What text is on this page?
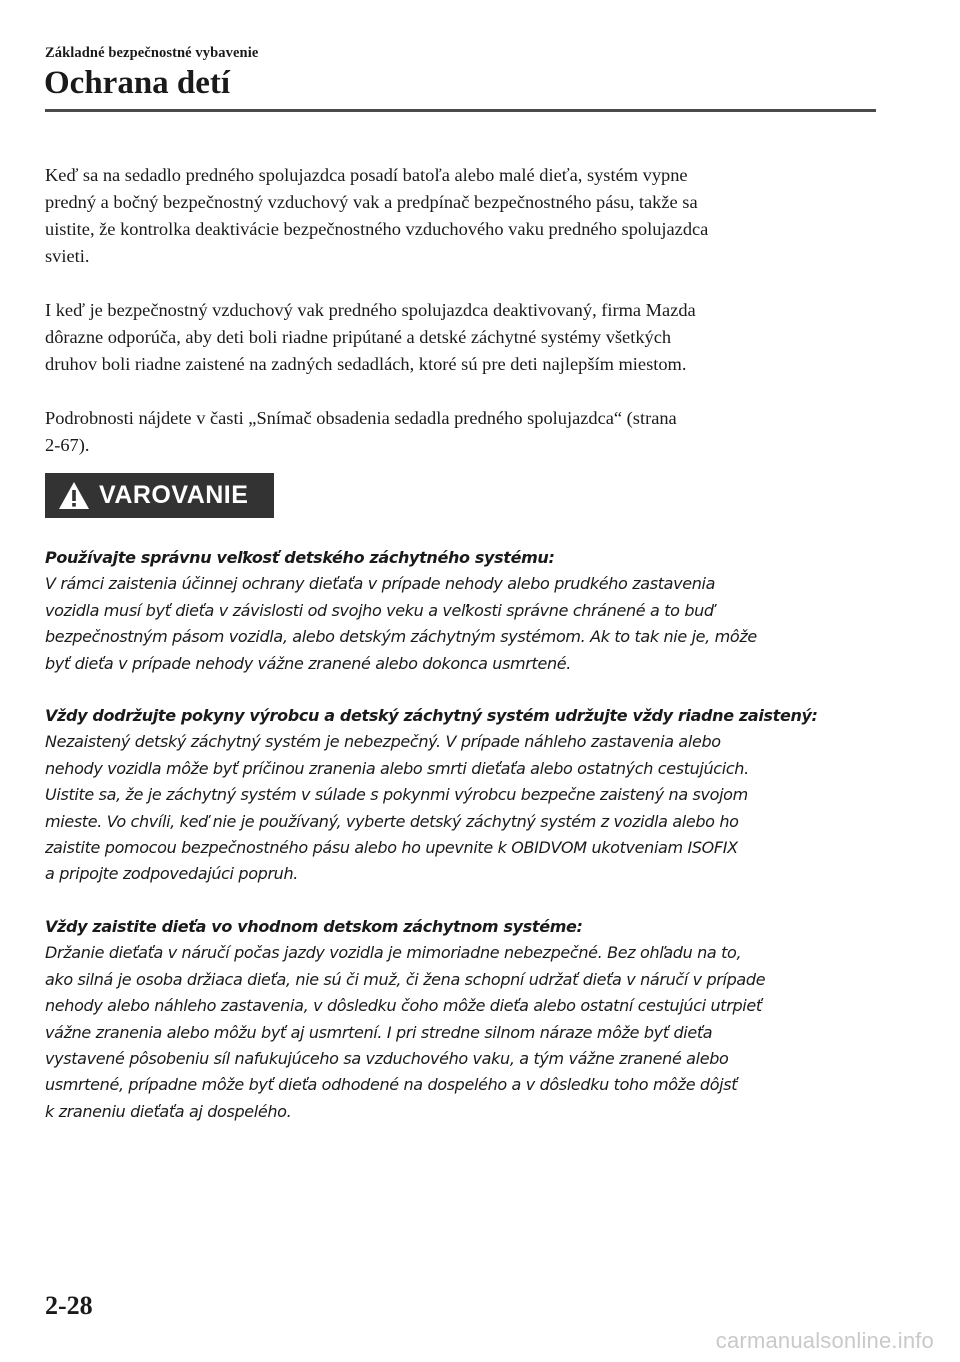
Základné bezpečnostné vybavenie
Ochrana detí

Keď sa na sedadlo predného spolujazdca posadí batoľa alebo malé dieťa, systém vypne
predný a bočný bezpečnostný vzduchový vak a predpínač bezpečnostného pásu, takže sa
uistite, že kontrolka deaktivácie bezpečnostného vzduchového vaku predného spolujazdca
svieti.

I keď je bezpečnostný vzduchový vak predného spolujazdca deaktivovaný, firma Mazda
dôrazne odporúča, aby deti boli riadne pripútané a detské záchytné systémy všetkých
druhov boli riadne zaistené na zadných sedadlách, ktoré sú pre deti najlepším miestom.

Podrobnosti nájdete v časti „Snímač obsadenia sedadla predného spolujazdca“ (strana
2-67).

VAROVANIE
Používajte správnu veľkosť detského záchytného systému:
V rámci zaistenia účinnej ochrany dieťaťa v prípade nehody alebo prudkého zastavenia
vozidla musí byť dieťa v závislosti od svojho veku a veľkosti správne chránené a to buď
bezpečnostným pásom vozidla, alebo detským záchytným systémom. Ak to tak nie je, môže
byť dieťa v prípade nehody vážne zranené alebo dokonca usmrtené.
Vždy dodržujte pokyny výrobcu a detský záchytný systém udržujte vždy riadne zaistený:
Nezaistený detský záchytný systém je nebezpečný. V prípade náhleho zastavenia alebo
nehody vozidla môže byť príčinou zranenia alebo smrti dieťaťa alebo ostatných cestujúcich.
Uistite sa, že je záchytný systém v súlade s pokynmi výrobcu bezpečne zaistený na svojom
mieste. Vo chvíli, keď nie je používaný, vyberte detský záchytný systém z vozidla alebo ho
zaistite pomocou bezpečnostného pásu alebo ho upevnite k OBIDVOM ukotveniam ISOFIX
a pripojte zodpovedajúci popruh.
Vždy zaistite dieťa vo vhodnom detskom záchytnom systéme:
Držanie dieťaťa v náručí počas jazdy vozidla je mimoriadne nebezpečné. Bez ohľadu na to,
ako silná je osoba držiaca dieťa, nie sú či muž, či žena schopní udržať dieťa v náručí v prípade
nehody alebo náhleho zastavenia, v dôsledku čoho môže dieťa alebo ostatní cestujúci utrpieť
vážne zranenia alebo môžu byť aj usmrtení. I pri stredne silnom náraze môže byť dieťa
vystavené pôsobeniu síl nafukujúceho sa vzduchového vaku, a tým vážne zranené alebo
usmrtené, prípadne môže byť dieťa odhodené na dospelého a v dôsledku toho môže dôjsť
k zraneniu dieťaťa aj dospelého.
2-28
carmanualsonline.info
